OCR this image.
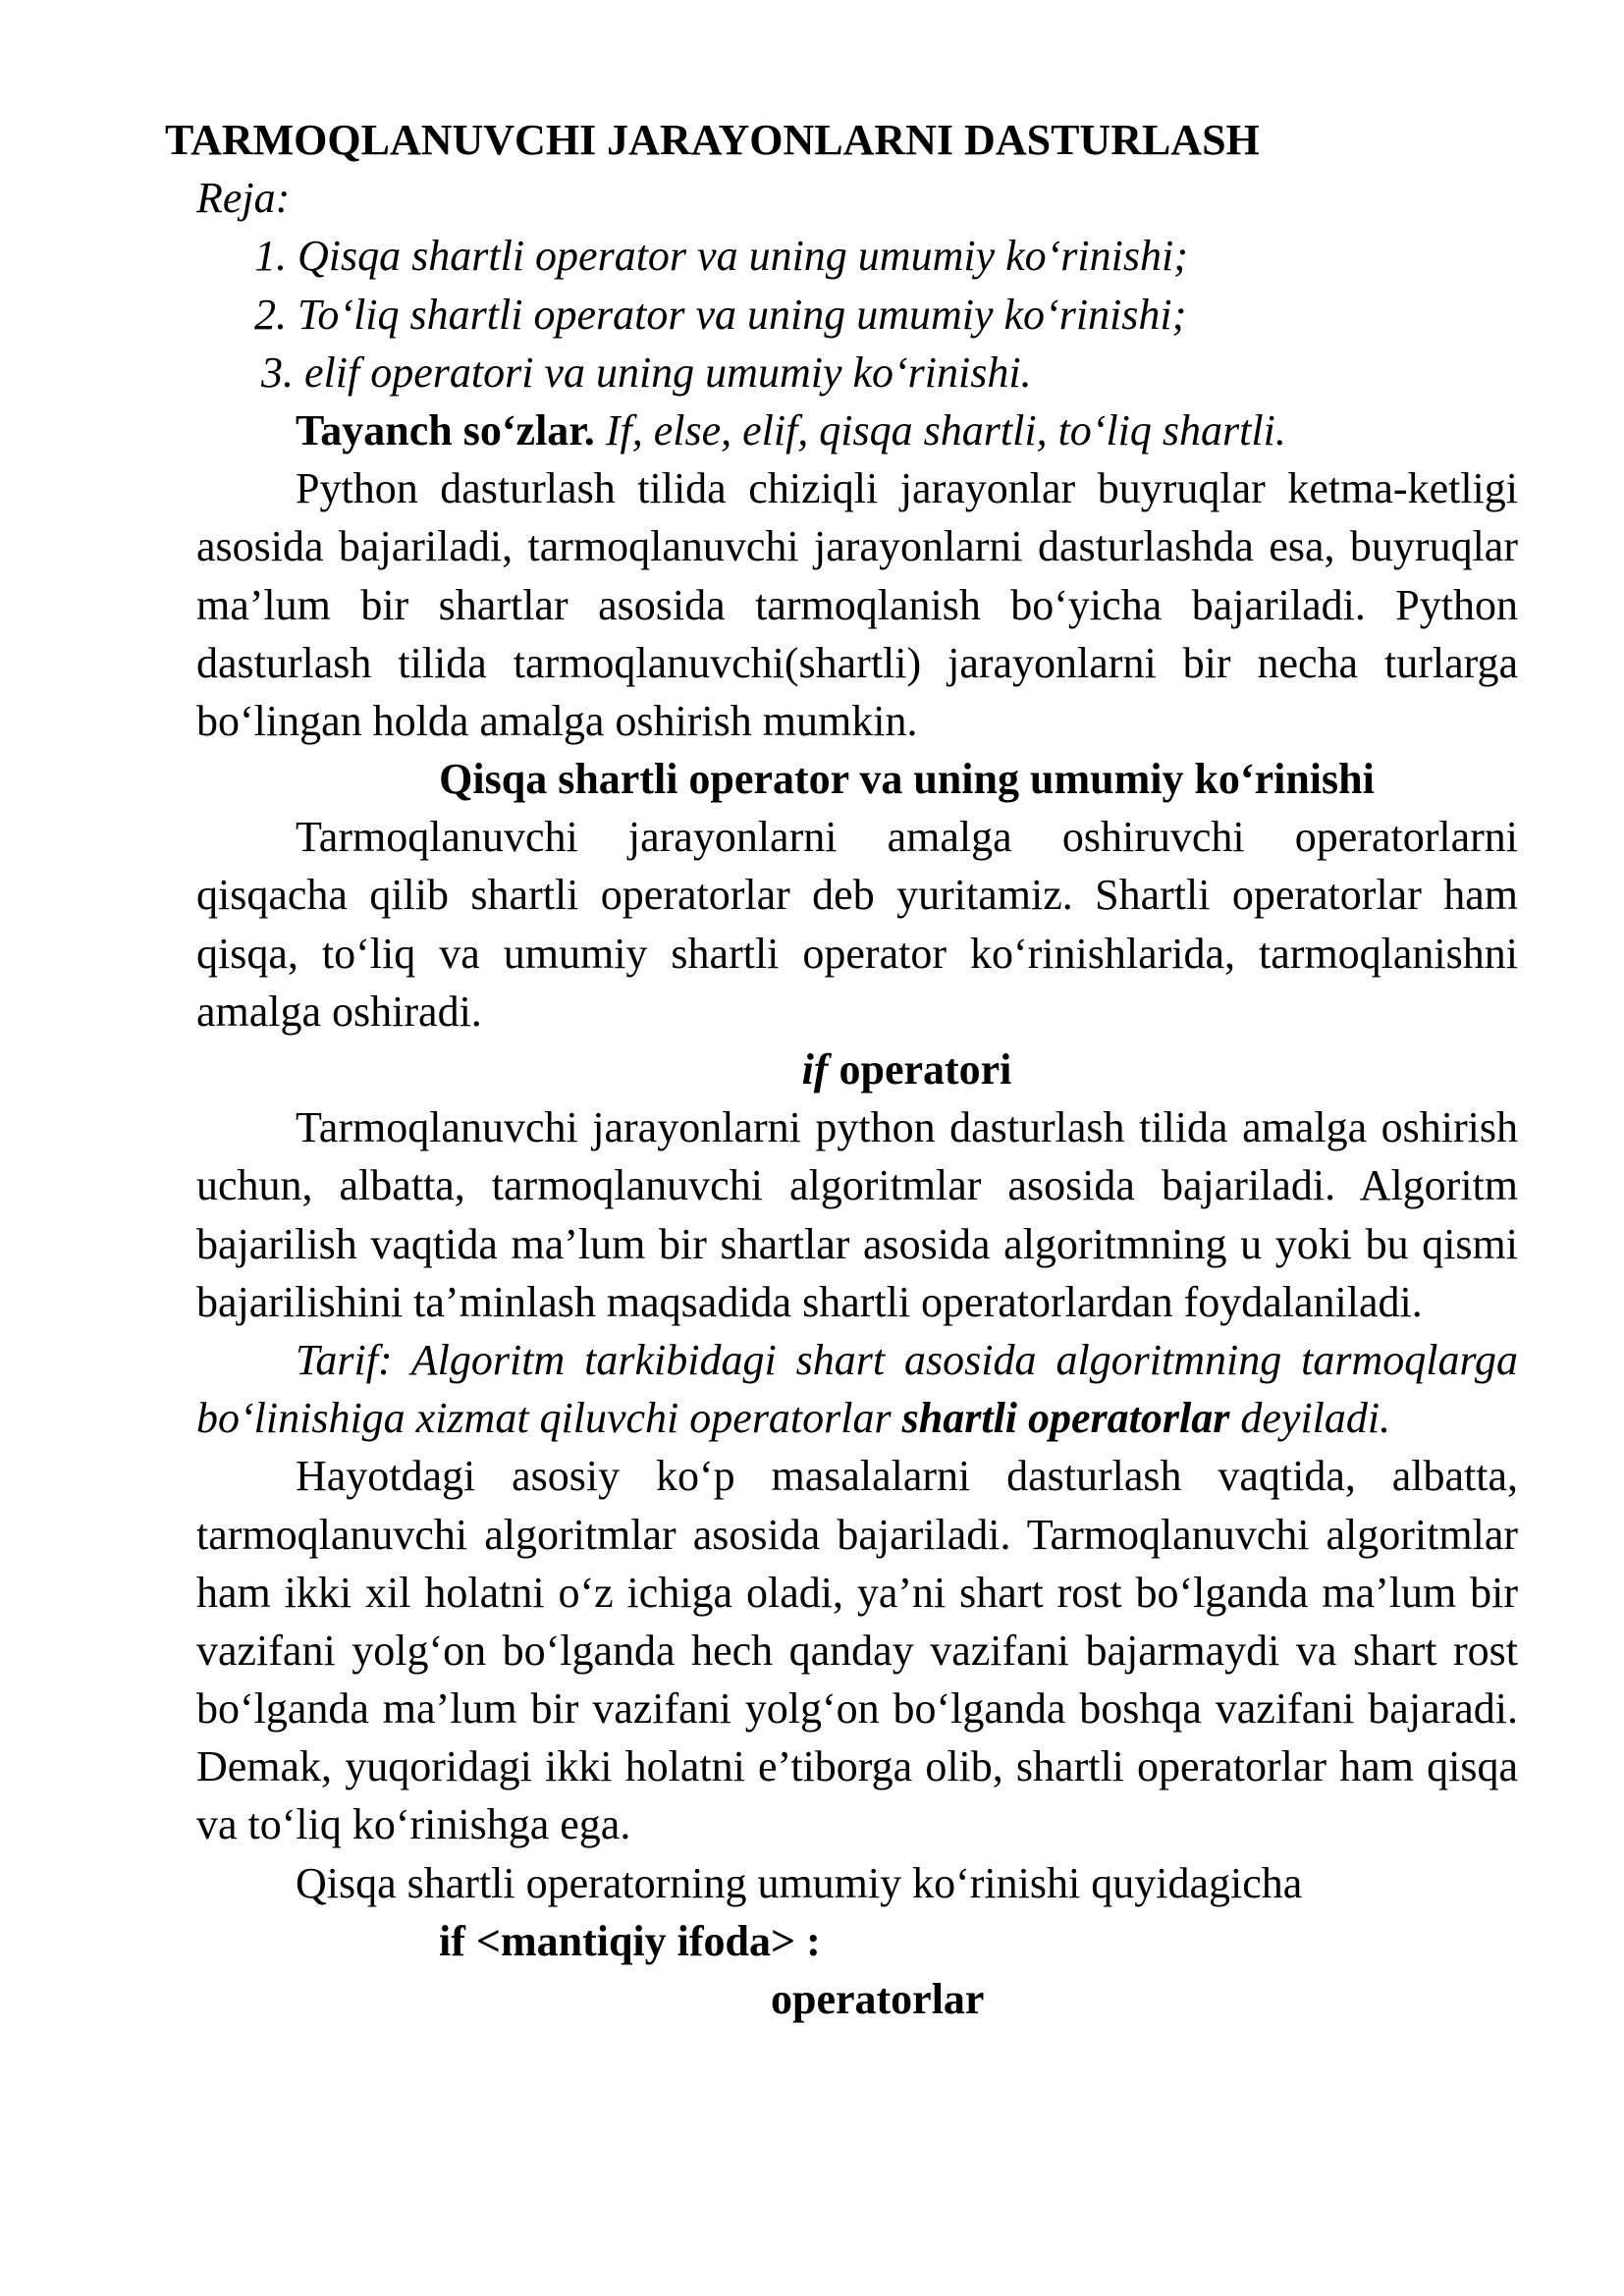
TARMOQLANUVCHI JARAYONLARNI DASTURLASH
Reja:
1. Qisqa shartli operator va uning umumiy ko‘rinishi;
2. To‘liq shartli operator va uning umumiy ko‘rinishi;
3. elif operatori va uning umumiy ko‘rinishi.
Tayanch so‘zlar. If, else, elif, qisqa shartli, to‘liq shartli.
Python dasturlash tilida chiziqli jarayonlar buyruqlar ketma-ketligi
asosida bajariladi, tarmoqlanuvchi jarayonlarni dasturlashda esa, buyruqlar
ma’lum bir shartlar asosida tarmoqlanish bo‘yicha bajariladi. Python
dasturlash tilida tarmoqlanuvchi(shartli) jarayonlarni bir necha turlarga
bo‘lingan holda amalga oshirish mumkin.
Qisqa shartli operator va uning umumiy ko‘rinishi
Tarmoqlanuvchi jarayonlarni amalga oshiruvchi operatorlarni
qisqacha qilib shartli operatorlar deb yuritamiz. Shartli operatorlar ham
qisqa, to‘liq va umumiy shartli operator ko‘rinishlarida, tarmoqlanishni
amalga oshiradi.
if operatori
Tarmoqlanuvchi jarayonlarni python dasturlash tilida amalga oshirish
uchun, albatta, tarmoqlanuvchi algoritmlar asosida bajariladi. Algoritm
bajarilish vaqtida ma’lum bir shartlar asosida algoritmning u yoki bu qismi
bajarilishini ta’minlash maqsadida shartli operatorlardan foydalaniladi.
Tarif: Algoritm tarkibidagi shart asosida algoritmning tarmoqlarga
bo‘linishiga xizmat qiluvchi operatorlar shartli operatorlar deyiladi.
Hayotdagi asosiy ko‘p masalalarni dasturlash vaqtida, albatta,
tarmoqlanuvchi algoritmlar asosida bajariladi. Tarmoqlanuvchi algoritmlar
ham ikki xil holatni o‘z ichiga oladi, ya’ni shart rost bo‘lganda ma’lum bir
vazifani yolg‘on bo‘lganda hech qanday vazifani bajarmaydi va shart rost
bo‘lganda ma’lum bir vazifani yolg‘on bo‘lganda boshqa vazifani bajaradi.
Demak, yuqoridagi ikki holatni e’tiborga olib, shartli operatorlar ham qisqa
va to‘liq ko‘rinishga ega.
Qisqa shartli operatorning umumiy ko‘rinishi quyidagicha
if <mantiqiy ifoda> :
operatorlar
